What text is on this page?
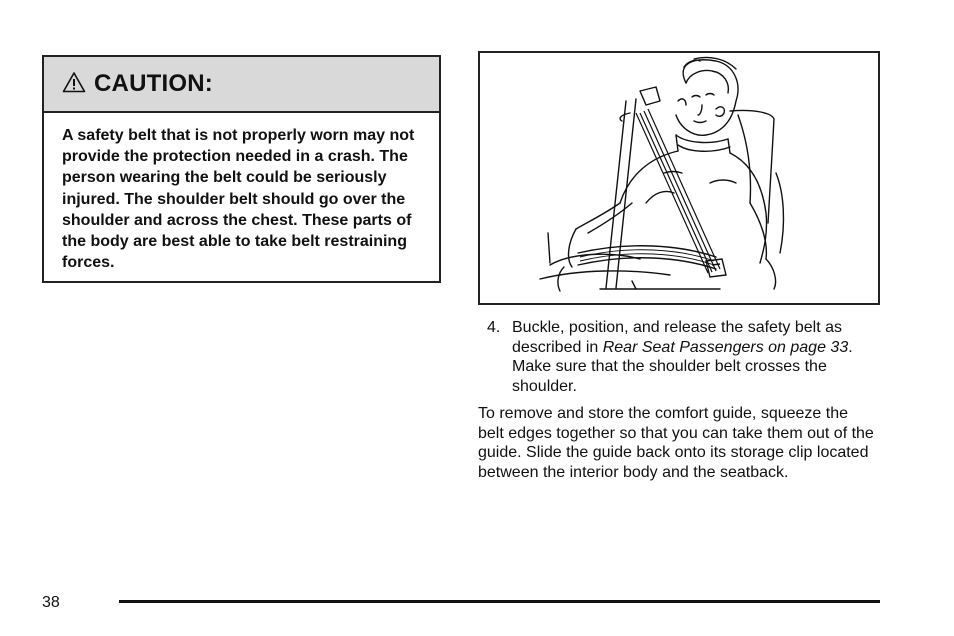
CAUTION:
A safety belt that is not properly worn may not provide the protection needed in a crash. The person wearing the belt could be seriously injured. The shoulder belt should go over the shoulder and across the chest. These parts of the body are best able to take belt restraining forces.
4. Buckle, position, and release the safety belt as described in Rear Seat Passengers on page 33. Make sure that the shoulder belt crosses the shoulder.
To remove and store the comfort guide, squeeze the belt edges together so that you can take them out of the guide. Slide the guide back onto its storage clip located between the interior body and the seatback.
38
